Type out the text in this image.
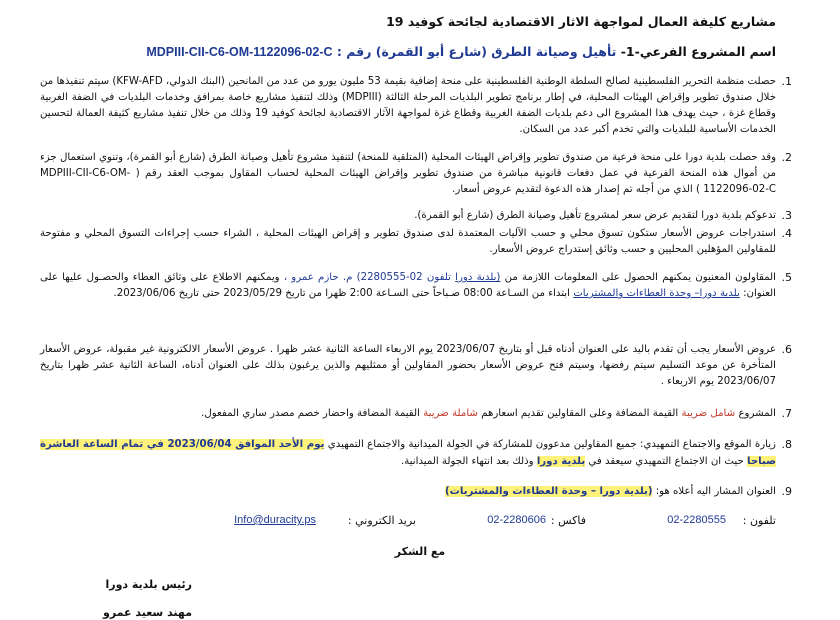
مشاريع كليفة العمال لمواجهة الاثار الاقتصادية لجائحة كوفيد 19
اسم المشروع الفرعي-1- تأهيل وصيانة الطرق (شارع أبو القمرة) رقم : MDPIII-CII-C6-OM-1122096-02-C
1.
حصلت منظمة التحرير الفلسطينية لصالح السلطة الوطنية الفلسطينية على منحة إضافية بقيمة 53 مليون يورو من عدد من المانحين (البنك الدولي، KFW-AFD) سيتم تنفيذها من خلال صندوق تطوير وإقراض الهيئات المحلية، في إطار برنامج تطوير البلديات المرحلة الثالثة (MDPIII) وذلك لتنفيذ مشاريع خاصة بمرافق وخدمات البلديات في الضفة الغربية وقطاع غزة ، حيث يهدف هذا المشروع الى دعم بلديات الضفة الغربية وقطاع غزة لمواجهة الآثار الاقتصادية لجائحة كوفيد 19 وذلك من خلال تنفيذ مشاريع كثيفة العمالة لتحسين الخدمات الأساسية للبلديات والتي تخدم أكبر عدد من السكان.
2.
وقد حصلت بلدية دورا على منحة فرعية من صندوق تطوير وإقراض الهيئات المحلية (المتلقية للمنحة) لتنفيذ مشروع تأهيل وصيانة الطرق (شارع أبو القمرة)، وتنوي استعمال جزء من أموال هذه المنحة الفرعية في عمل دفعات قانونية مباشرة من صندوق تطوير وإقراض الهيئات المحلية لحساب المقاول بموجب العقد رقم ( MDPIII-CII-C6-OM-1122096-02-C ) الذي من أجله تم إصدار هذه الدعوة لتقديم عروض أسعار.
3.
تدعوكم بلدية دورا لتقديم عرض سعر لمشروع تأهيل وصيانة الطرق (شارع أبو القمرة).
4.
استدراجات عروض الأسعار ستكون تسوق محلي و حسب الآليات المعتمدة لدى صندوق تطوير و إقراض الهيئات المحلية ، الشراء حسب إجراءات التسوق المحلي و مفتوحة للمقاولين المؤهلين المحليين و حسب وثائق إستدراج عروض الأسعار.
5.
المقاولون المعنيون يمكنهم الحصول على المعلومات اللازمة من (بلدية دورا تلفون 02-2280555) م. حازم عمرو ، ويمكنهم الاطلاع على وثائق العطاء والحصـول عليها على العنوان: بلدية دورا– وحدة العطاءات والمشتريات ابتداء من السـاعة 08:00 صـباحاً حتى السـاعة 2:00 ظهرا من تاريخ 2023/05/29 حتى تاريخ 2023/06/06.
6.
عروض الأسعار يجب أن تقدم باليد على العنوان أدناه قبل أو بتاريخ 2023/06/07 يوم الاربعاء الساعة الثانية عشر ظهرا . عروض الأسعار الالكترونية غير مقبولة، عروض الأسعار المتأخرة عن موعد التسليم سيتم رفضها، وسيتم فتح عروض الأسعار بحضور المقاولين أو ممثليهم والذين يرغبون بذلك على العنوان أدناه، الساعة الثانية عشر ظهرا بتاريخ 2023/06/07 يوم الاربعاء .
7.
المشروع شامل ضريبة القيمة المضافة وعلى المقاولين تقديم اسعارهم شاملة ضريبة القيمة المضافة واحضار خصم مصدر ساري المفعول.
8.
زيارة الموقع والاجتماع التمهيدي: جميع المقاولين مدعوون للمشاركة في الجولة الميدانية والاجتماع التمهيدي يوم الأحد الموافق 2023/06/04 في تمام الساعة العاشرة صباحا حيث ان الاجتماع التمهيدي سيعقد في بلدية دورا وذلك بعد انتهاء الجولة الميدانية.
9.
العنوان المشار اليه أعلاه هو: (بلدية دورا – وحدة العطاءات والمشتريات)
تلفون :
02-2280555
فاكس :
02-2280606
بريد الكتروني :
Info@duracity.ps
مع الشكر
رئيس بلدية دورا
مهند سعيد عمرو
